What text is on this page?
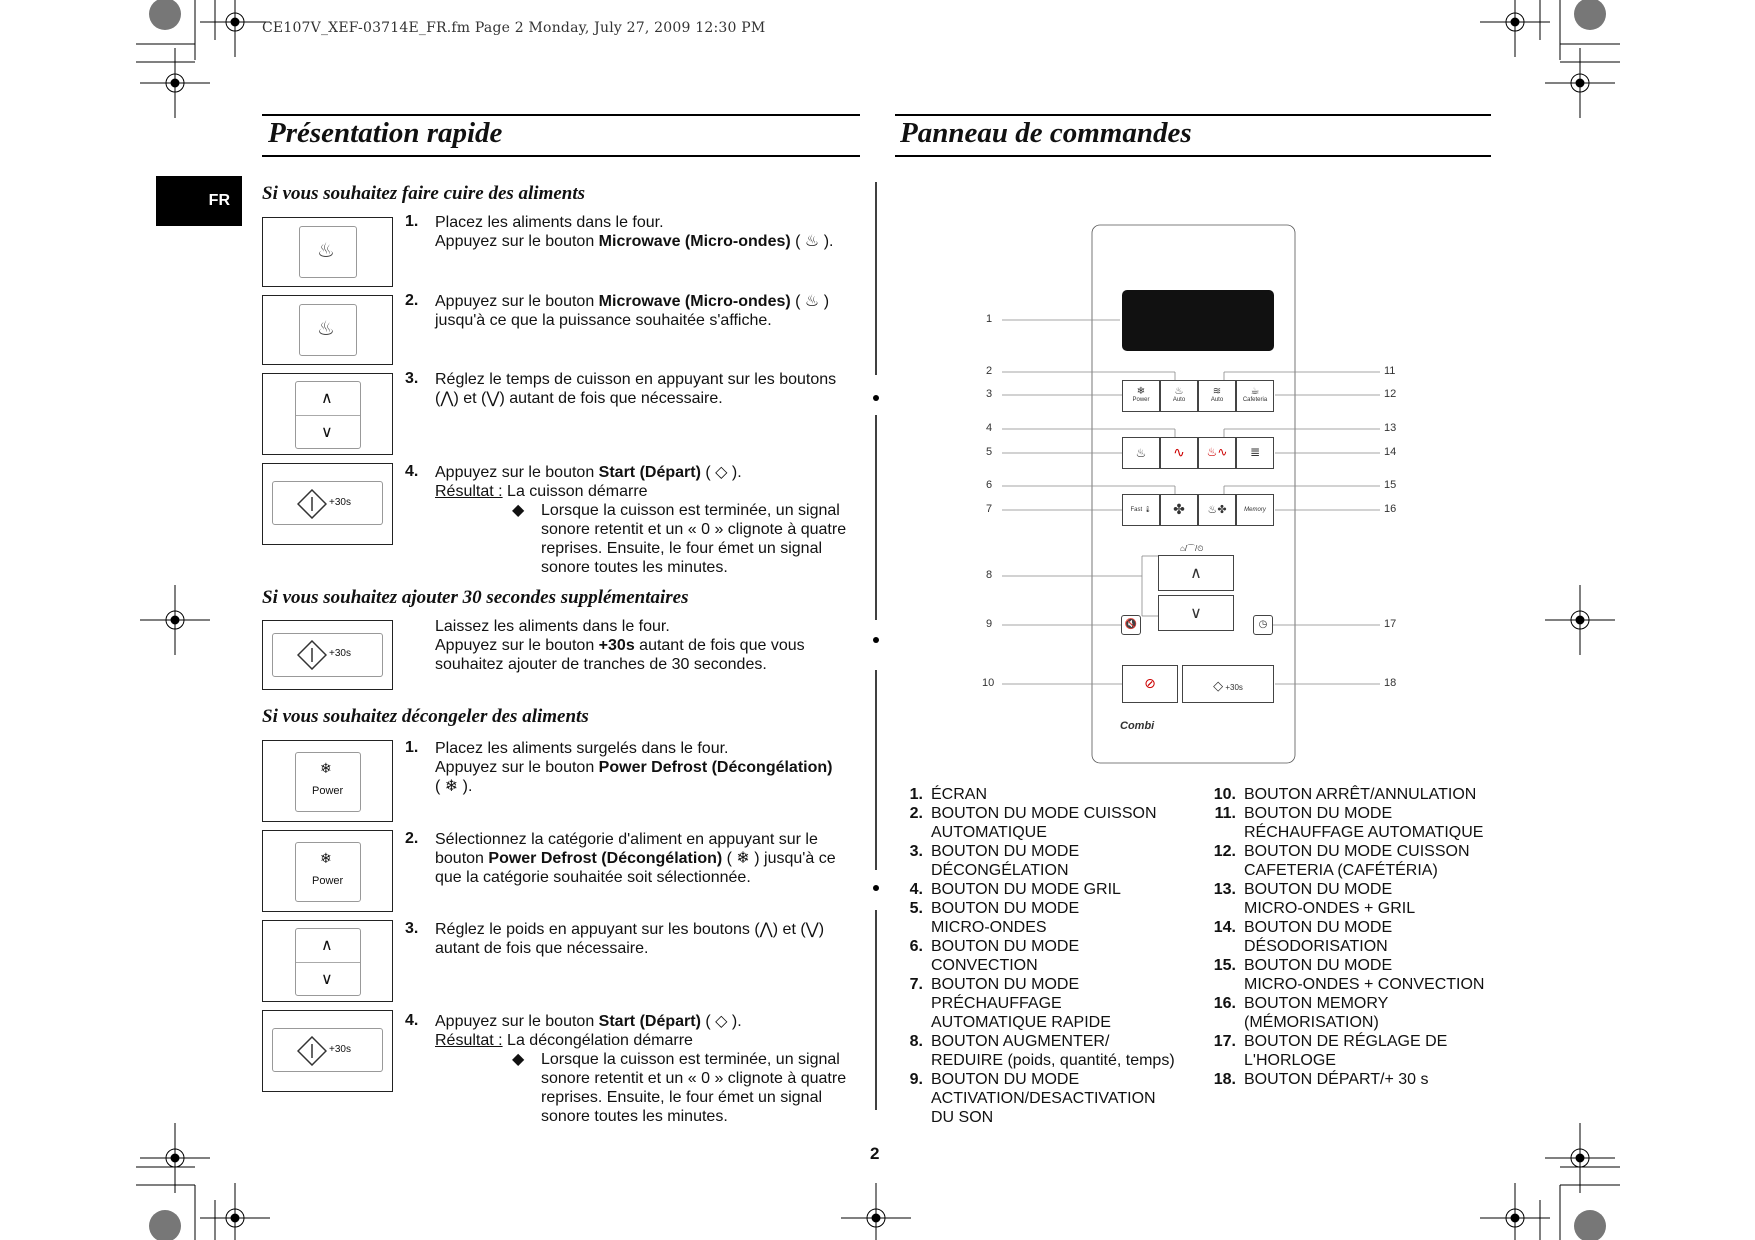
CE107V_XEF-03714E_FR.fm Page 2 Monday, July 27, 2009 12:30 PM
FR
Présentation rapide	Panneau de commandes
Si vous souhaitez faire cuire des aliments
♨
♨
∧
∨
+30s
1. Placez les aliments dans le four.
Appuyez sur le bouton Microwave (Micro-ondes) ( ♨ ).
2. Appuyez sur le bouton Microwave (Micro-ondes) ( ♨ )
jusqu'à ce que la puissance souhaitée s'affiche.
3. Réglez le temps de cuisson en appuyant sur les boutons
(⋀) et (⋁) autant de fois que nécessaire.
4. Appuyez sur le bouton Start (Départ) ( ◇ ).
Résultat : La cuisson démarre
◆ Lorsque la cuisson est terminée, un signal
sonore retentit et un « 0 » clignote à quatre
reprises. Ensuite, le four émet un signal
sonore toutes les minutes.
Si vous souhaitez ajouter 30 secondes supplémentaires
+30s
Laissez les aliments dans le four.
Appuyez sur le bouton +30s autant de fois que vous
souhaitez ajouter de tranches de 30 secondes.
Si vous souhaitez décongeler des aliments
❄
Power
❄
Power
∧
∨
+30s
1. Placez les aliments surgelés dans le four.
Appuyez sur le bouton Power Defrost (Décongélation)
( ❄ ).
2. Sélectionnez la catégorie d'aliment en appuyant sur le
bouton Power Defrost (Décongélation) ( ❄ ) jusqu'à ce
que la catégorie souhaitée soit sélectionnée.
3. Réglez le poids en appuyant sur les boutons (⋀) et (⋁)
autant de fois que nécessaire.
4. Appuyez sur le bouton Start (Départ) ( ◇ ).
Résultat : La décongélation démarre
◆ Lorsque la cuisson est terminée, un signal
sonore retentit et un « 0 » clignote à quatre
reprises. Ensuite, le four émet un signal
sonore toutes les minutes.
1
2
3
4
5
6
7
8
9
10
11
12
13
14
15
16
17
18
❄
Power
♨
Auto
≋
Auto
☕
Cafeteria
♨	∿	♨∿	≣
Fast 🌡	✤	♨✤	Memory
⌂/⌒/⏲
∧
∨
🔇	◷
⊘	◇ +30s
Combi
1. ÉCRAN
2. BOUTON DU MODE CUISSON
AUTOMATIQUE
3. BOUTON DU MODE
DÉCONGÉLATION
4. BOUTON DU MODE GRIL
5. BOUTON DU MODE
MICRO-ONDES
6. BOUTON DU MODE
CONVECTION
7. BOUTON DU MODE
PRÉCHAUFFAGE
AUTOMATIQUE RAPIDE
8. BOUTON AUGMENTER/
REDUIRE (poids, quantité, temps)
9. BOUTON DU MODE
ACTIVATION/DESACTIVATION
DU SON
10. BOUTON ARRÊT/ANNULATION
11. BOUTON DU MODE
RÉCHAUFFAGE AUTOMATIQUE
12. BOUTON DU MODE CUISSON
CAFETERIA (CAFÉTÉRIA)
13. BOUTON DU MODE
MICRO-ONDES + GRIL
14. BOUTON DU MODE
DÉSODORISATION
15. BOUTON DU MODE
MICRO-ONDES + CONVECTION
16. BOUTON MEMORY
(MÉMORISATION)
17. BOUTON DE RÉGLAGE DE
L'HORLOGE
18. BOUTON DÉPART/+ 30 s
2
